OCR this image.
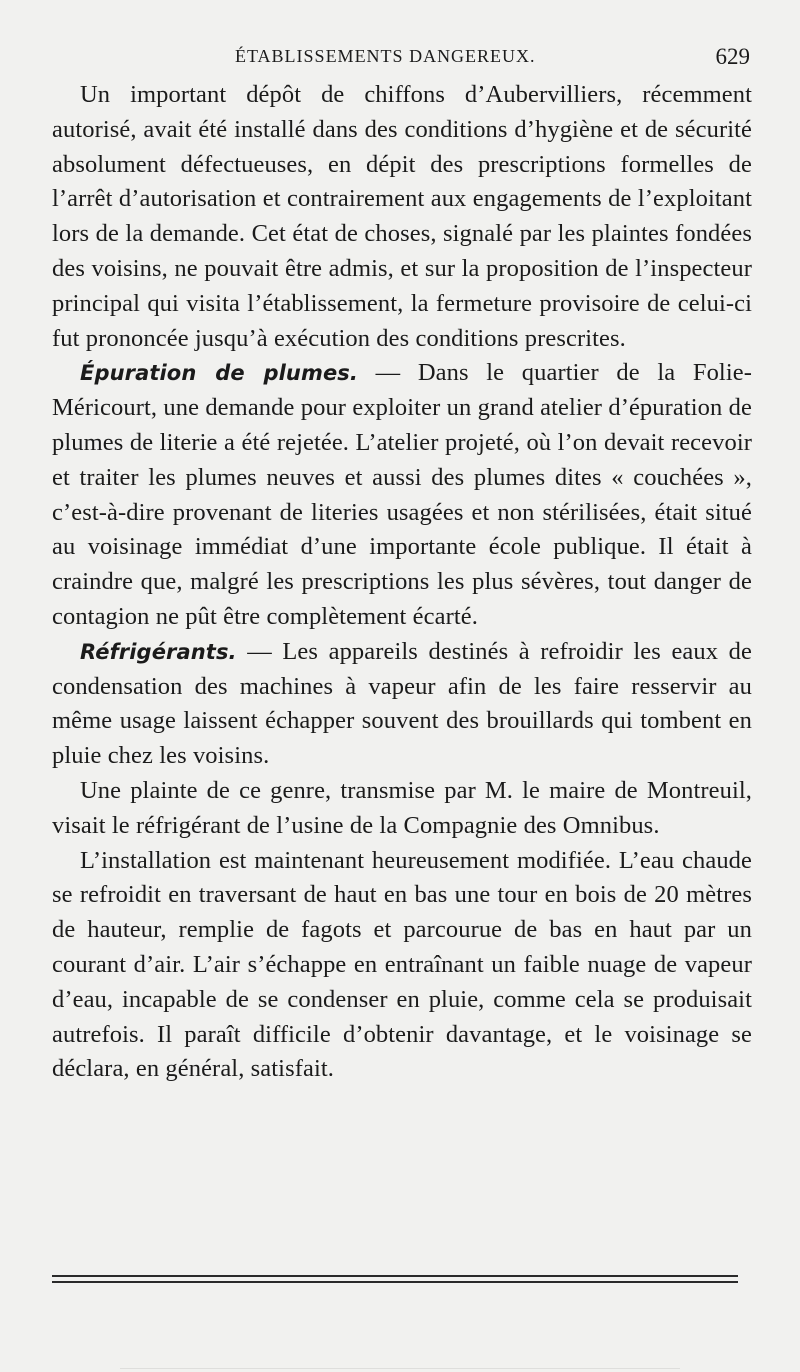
ÉTABLISSEMENTS DANGEREUX.	629

Un important dépôt de chiffons d’Aubervilliers, récemment autorisé, avait été installé dans des conditions d’hygiène et de sécurité absolument défectueuses, en dépit des prescriptions formelles de l’arrêt d’autorisation et contrairement aux engagements de l’exploitant lors de la demande. Cet état de choses, signalé par les plaintes fondées des voisins, ne pouvait être admis, et sur la proposition de l’inspecteur principal qui visita l’établissement, la fermeture provisoire de celui-ci fut prononcée jusqu’à exécution des conditions prescrites.

Épuration de plumes. — Dans le quartier de la Folie-Méricourt, une demande pour exploiter un grand atelier d’épuration de plumes de literie a été rejetée. L’atelier projeté, où l’on devait recevoir et traiter les plumes neuves et aussi des plumes dites « couchées », c’est-à-dire provenant de literies usagées et non stérilisées, était situé au voisinage immédiat d’une importante école publique. Il était à craindre que, malgré les prescriptions les plus sévères, tout danger de contagion ne pût être complètement écarté.

Réfrigérants. — Les appareils destinés à refroidir les eaux de condensation des machines à vapeur afin de les faire resservir au même usage laissent échapper souvent des brouillards qui tombent en pluie chez les voisins.

Une plainte de ce genre, transmise par M. le maire de Montreuil, visait le réfrigérant de l’usine de la Compagnie des Omnibus.

L’installation est maintenant heureusement modifiée. L’eau chaude se refroidit en traversant de haut en bas une tour en bois de 20 mètres de hauteur, remplie de fagots et parcourue de bas en haut par un courant d’air. L’air s’échappe en entraînant un faible nuage de vapeur d’eau, incapable de se condenser en pluie, comme cela se produisait autrefois. Il paraît difficile d’obtenir davantage, et le voisinage se déclara, en général, satisfait.
